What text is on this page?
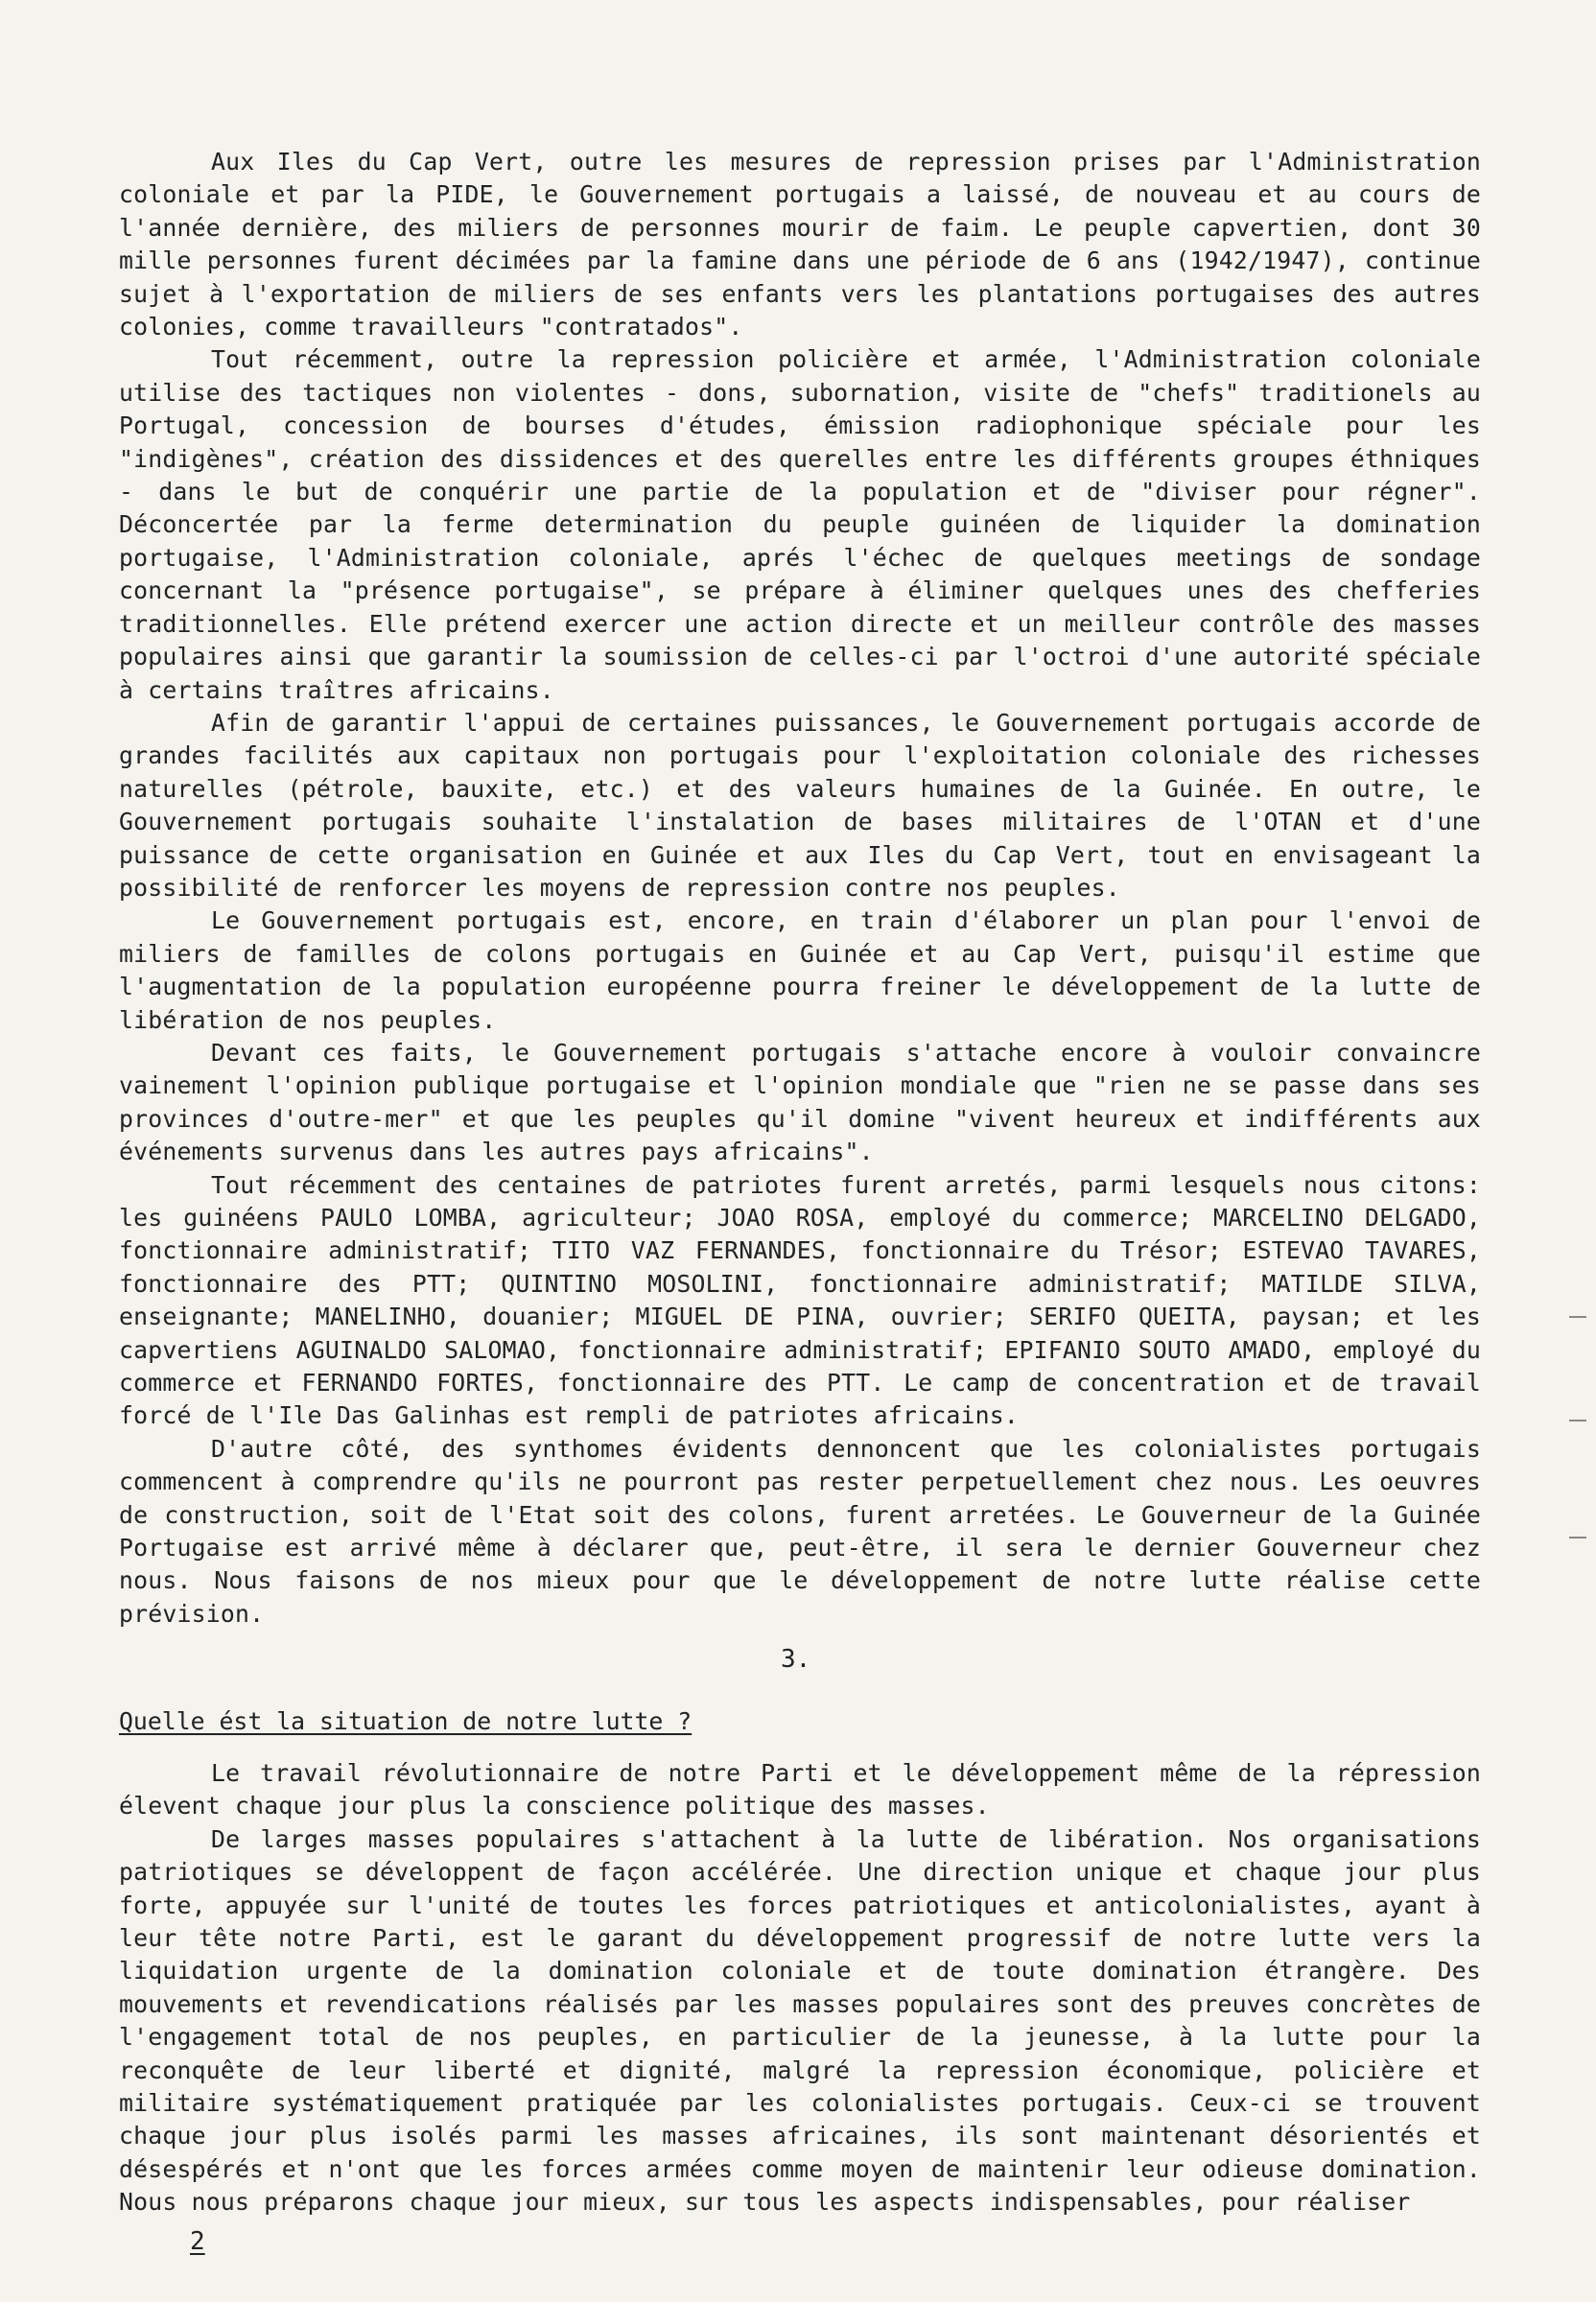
Aux Iles du Cap Vert, outre les mesures de repression prises par l'Administration coloniale et par la PIDE, le Gouvernement portugais a laissé, de nouveau et au cours de l'année dernière, des miliers de personnes mourir de faim. Le peuple capvertien, dont 30 mille personnes furent décimées par la famine dans une période de 6 ans (1942/1947), continue sujet à l'exportation de miliers de ses enfants vers les plantations portugaises des autres colonies, comme travailleurs "contratados".

Tout récemment, outre la repression policière et armée, l'Administration coloniale utilise des tactiques non violentes - dons, subornation, visite de "chefs" traditionels au Portugal, concession de bourses d'études, émission radiophonique spéciale pour les "indigènes", création des dissidences et des querelles entre les différents groupes éthniques - dans le but de conquérir une partie de la population et de "diviser pour régner". Déconcertée par la ferme determination du peuple guinéen de liquider la domination portugaise, l'Administration coloniale, aprés l'échec de quelques meetings de sondage concernant la "présence portugaise", se prépare à éliminer quelques unes des chefferies traditionnelles. Elle prétend exercer une action directe et un meilleur contrôle des masses populaires ainsi que garantir la soumission de celles-ci par l'octroi d'une autorité spéciale à certains traîtres africains.

Afin de garantir l'appui de certaines puissances, le Gouvernement portugais accorde de grandes facilités aux capitaux non portugais pour l'exploitation coloniale des richesses naturelles (pétrole, bauxite, etc.) et des valeurs humaines de la Guinée. En outre, le Gouvernement portugais souhaite l'instalation de bases militaires de l'OTAN et d'une puissance de cette organisation en Guinée et aux Iles du Cap Vert, tout en envisageant la possibilité de renforcer les moyens de repression contre nos peuples.

Le Gouvernement portugais est, encore, en train d'élaborer un plan pour l'envoi de miliers de familles de colons portugais en Guinée et au Cap Vert, puisqu'il estime que l'augmentation de la population européenne pourra freiner le développement de la lutte de libération de nos peuples.

Devant ces faits, le Gouvernement portugais s'attache encore à vouloir convaincre vainement l'opinion publique portugaise et l'opinion mondiale que "rien ne se passe dans ses provinces d'outre-mer" et que les peuples qu'il domine "vivent heureux et indifférents aux événements survenus dans les autres pays africains".

Tout récemment des centaines de patriotes furent arretés, parmi lesquels nous citons: les guinéens PAULO LOMBA, agriculteur; JOAO ROSA, employé du commerce; MARCELINO DELGADO, fonctionnaire administratif; TITO VAZ FERNANDES, fonctionnaire du Trésor; ESTEVAO TAVARES, fonctionnaire des PTT; QUINTINO MOSOLINI, fonctionnaire administratif; MATILDE SILVA, enseignante; MANELINHO, douanier; MIGUEL DE PINA, ouvrier; SERIFO QUEITA, paysan; et les capvertiens AGUINALDO SALOMAO, fonctionnaire administratif; EPIFANIO SOUTO AMADO, employé du commerce et FERNANDO FORTES, fonctionnaire des PTT. Le camp de concentration et de travail forcé de l'Ile Das Galinhas est rempli de patriotes africains.

D'autre côté, des synthomes évidents dennoncent que les colonialistes portugais commencent à comprendre qu'ils ne pourront pas rester perpetuellement chez nous. Les oeuvres de construction, soit de l'Etat soit des colons, furent arretées. Le Gouverneur de la Guinée Portugaise est arrivé même à déclarer que, peut-être, il sera le dernier Gouverneur chez nous. Nous faisons de nos mieux pour que le développement de notre lutte réalise cette prévision.

3.
Quelle ést la situation de notre lutte ?

Le travail révolutionnaire de notre Parti et le développement même de la répression élevent chaque jour plus la conscience politique des masses.

De larges masses populaires s'attachent à la lutte de libération. Nos organisations patriotiques se développent de façon accélérée. Une direction unique et chaque jour plus forte, appuyée sur l'unité de toutes les forces patriotiques et anticolonialistes, ayant à leur tête notre Parti, est le garant du développement progressif de notre lutte vers la liquidation urgente de la domination coloniale et de toute domination étrangère. Des mouvements et revendications réalisés par les masses populaires sont des preuves concrètes de l'engagement total de nos peuples, en particulier de la jeunesse, à la lutte pour la reconquête de leur liberté et dignité, malgré la repression économique, policière et militaire systématiquement pratiquée par les colonialistes portugais. Ceux-ci se trouvent chaque jour plus isolés parmi les masses africaines, ils sont maintenant désorientés et désespérés et n'ont que les forces armées comme moyen de maintenir leur odieuse domination. Nous nous préparons chaque jour mieux, sur tous les aspects indispensables, pour réaliser

2
